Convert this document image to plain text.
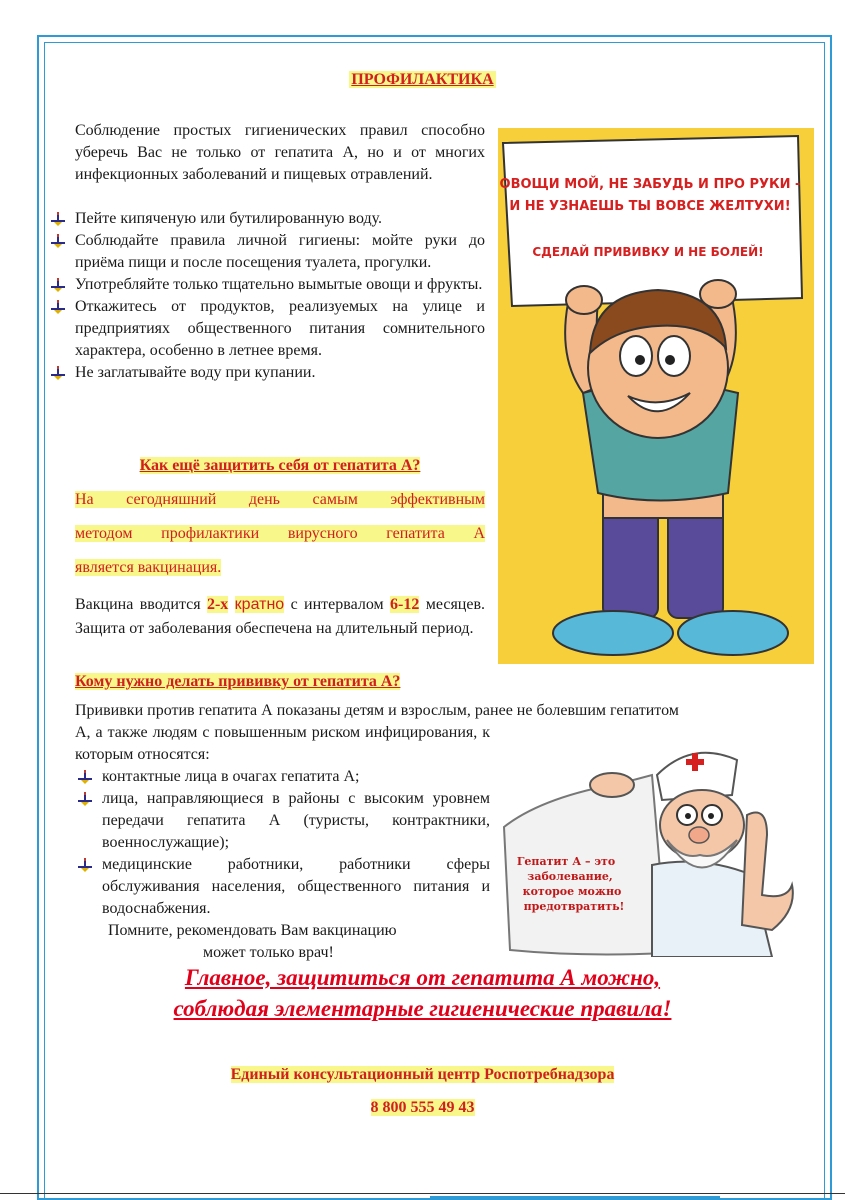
ПРОФИЛАКТИКА
Соблюдение простых гигиенических правил способно уберечь Вас не только от гепатита А, но и от многих инфекционных заболеваний и пищевых отравлений.
Пейте кипяченую или бутилированную воду.
Соблюдайте правила личной гигиены: мойте руки до приёма пищи и после посещения туалета, прогулки.
Употребляйте только тщательно вымытые овощи и фрукты.
Откажитесь от продуктов, реализуемых на улице и предприятиях общественного питания сомнительного характера, особенно в летнее время.
Не заглатывайте воду при купании.
Как ещё защитить себя от гепатита А?
На сегодняшний день самым эффективным
методом профилактики вирусного гепатита А
является вакцинация.
Вакцина вводится 2-х кратно с интервалом 6-12 месяцев. Защита от заболевания обеспечена на длительный период.
Кому нужно делать прививку от гепатита А?
Прививки против гепатита А показаны детям и взрослым, ранее не болевшим гепатитом
А, а также людям с повышенным риском инфицирования, к которым относятся:
контактные лица в очагах гепатита А;
лица, направляющиеся в районы с высоким уровнем передачи гепатита А (туристы, контрактники, военнослужащие);
медицинские работники, работники сферы обслуживания населения, общественного питания и водоснабжения.
Помните, рекомендовать Вам вакцинацию
может только врач!
ОВОЩИ МОЙ, НЕ ЗАБУДЬ И ПРО РУКИ -
И НЕ УЗНАЕШЬ ТЫ ВОВСЕ ЖЕЛТУХИ!
СДЕЛАЙ ПРИВИВКУ И НЕ БОЛЕЙ!
Гепатит А – это
заболевание,
которое можно
предотвратить!
Главное, защититься от гепатита А можно,
соблюдая элементарные гигиенические правила!
Единый консультационный центр Роспотребнадзора
8 800 555 49 43
